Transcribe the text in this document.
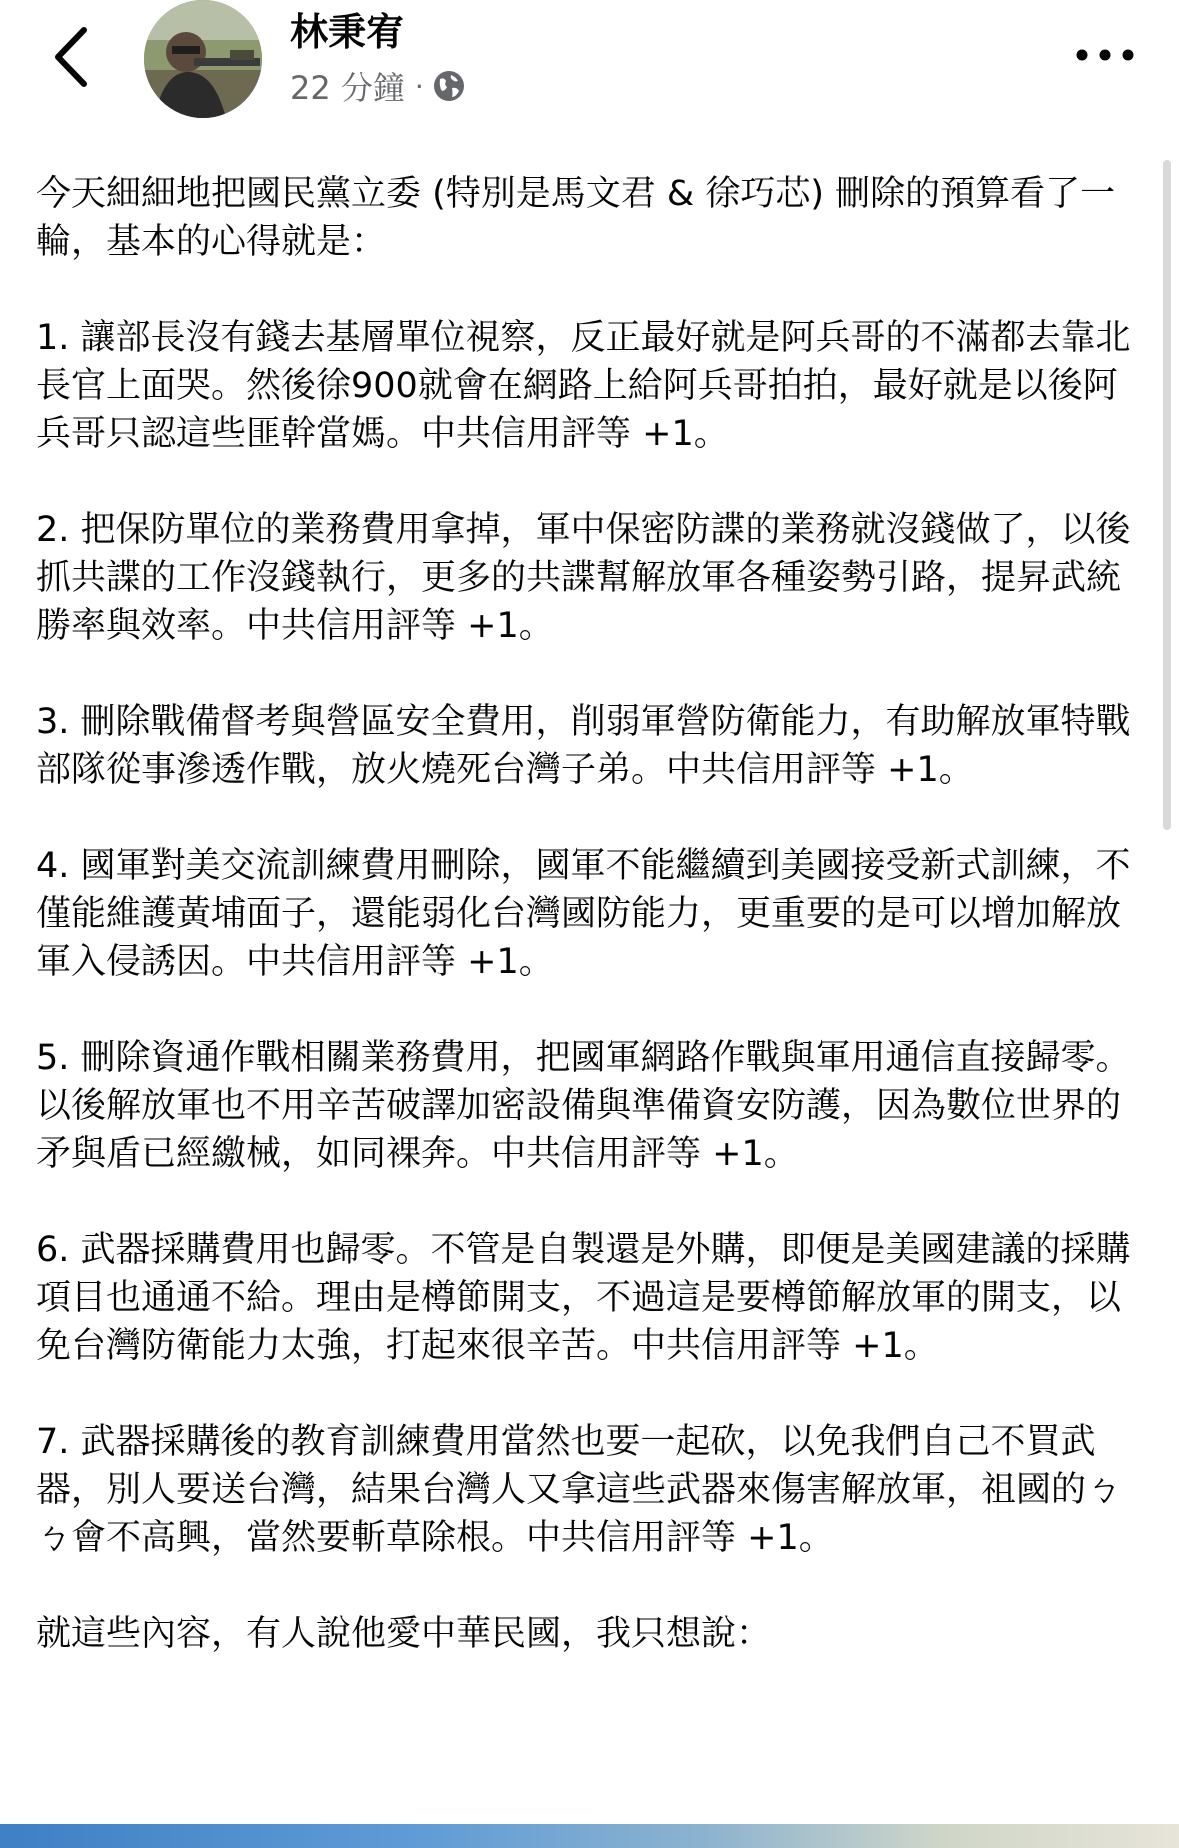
林秉宥
22 分鐘 ·

今天細細地把國民黨立委 (特別是馬文君 & 徐巧芯) 刪除的預算看了一輪，基本的心得就是：

1. 讓部長沒有錢去基層單位視察，反正最好就是阿兵哥的不滿都去靠北長官上面哭。然後徐900就會在網路上給阿兵哥拍拍，最好就是以後阿兵哥只認這些匪幹當媽。中共信用評等 +1。

2. 把保防單位的業務費用拿掉，軍中保密防諜的業務就沒錢做了，以後抓共諜的工作沒錢執行，更多的共諜幫解放軍各種姿勢引路，提昇武統勝率與效率。中共信用評等 +1。

3. 刪除戰備督考與營區安全費用，削弱軍營防衛能力，有助解放軍特戰部隊從事滲透作戰，放火燒死台灣子弟。中共信用評等 +1。

4. 國軍對美交流訓練費用刪除，國軍不能繼續到美國接受新式訓練，不僅能維護黃埔面子，還能弱化台灣國防能力，更重要的是可以增加解放軍入侵誘因。中共信用評等 +1。

5. 刪除資通作戰相關業務費用，把國軍網路作戰與軍用通信直接歸零。以後解放軍也不用辛苦破譯加密設備與準備資安防護，因為數位世界的矛與盾已經繳械，如同裸奔。中共信用評等 +1。

6. 武器採購費用也歸零。不管是自製還是外購，即便是美國建議的採購項目也通通不給。理由是樽節開支，不過這是要樽節解放軍的開支，以免台灣防衛能力太強，打起來很辛苦。中共信用評等 +1。

7. 武器採購後的教育訓練費用當然也要一起砍，以免我們自己不買武器，別人要送台灣，結果台灣人又拿這些武器來傷害解放軍，祖國的ㄅㄅ會不高興，當然要斬草除根。中共信用評等 +1。

就這些內容，有人說他愛中華民國，我只想說：
